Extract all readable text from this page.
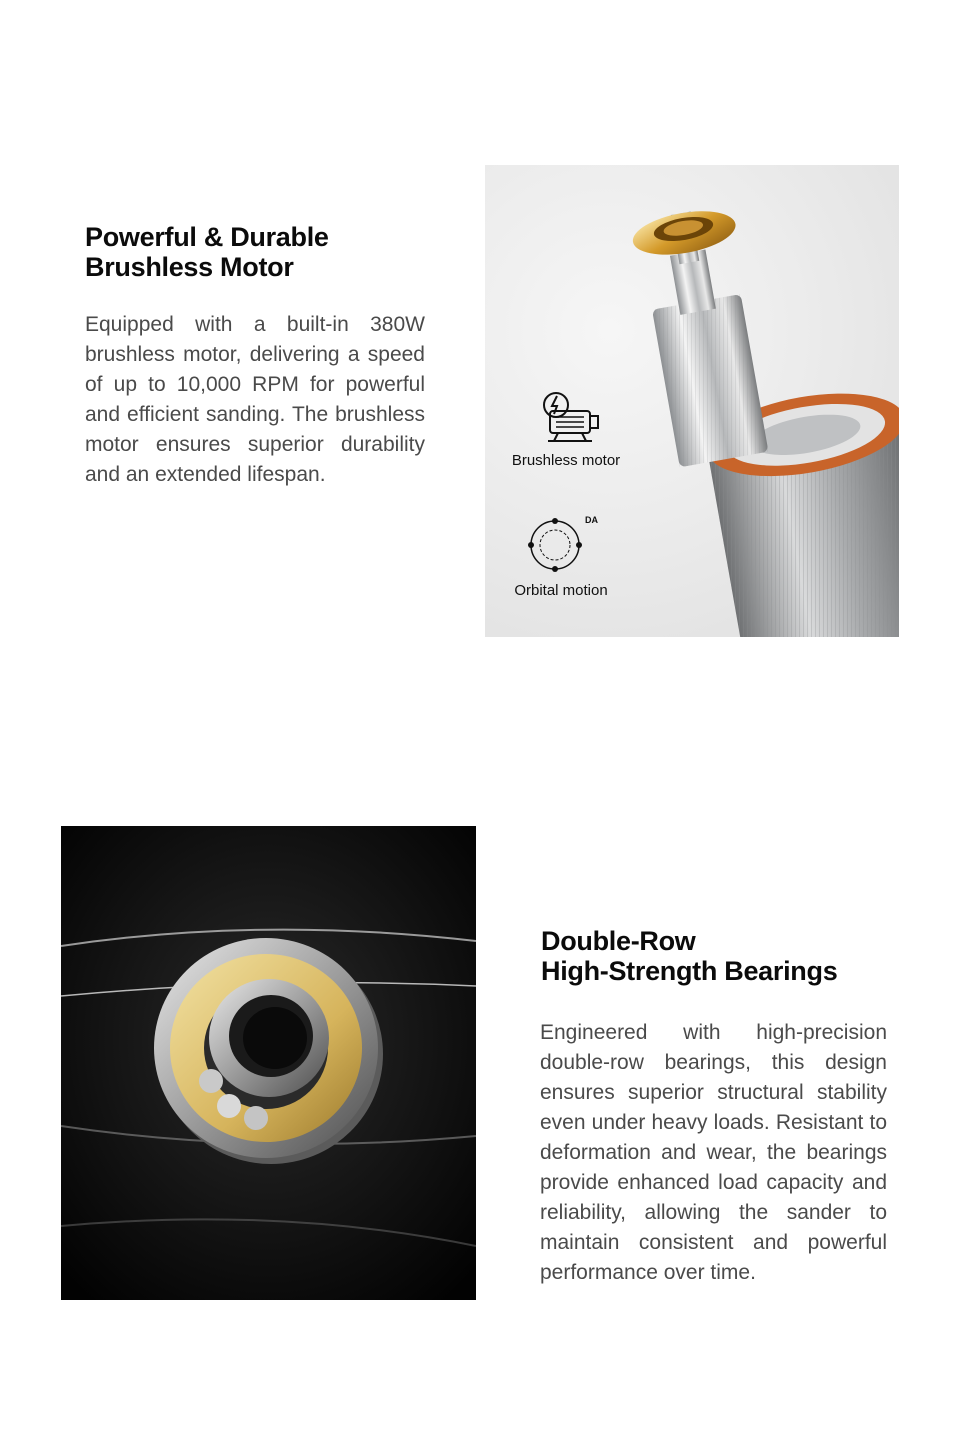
Powerful & Durable
Brushless Motor

Equipped with a built-in 380W brushless motor, delivering a speed of up to 10,000 RPM for powerful and efficient sanding. The brushless motor ensures superior durability and an extended lifespan.

Brushless motor
DA
Orbital motion
Double-Row
High-Strength Bearings

Engineered with high-precision double-row bearings, this design ensures superior structural stability even under heavy loads. Resistant to deformation and wear, the bearings provide enhanced load capacity and reliability, allowing the sander to maintain consistent and powerful performance over time.
